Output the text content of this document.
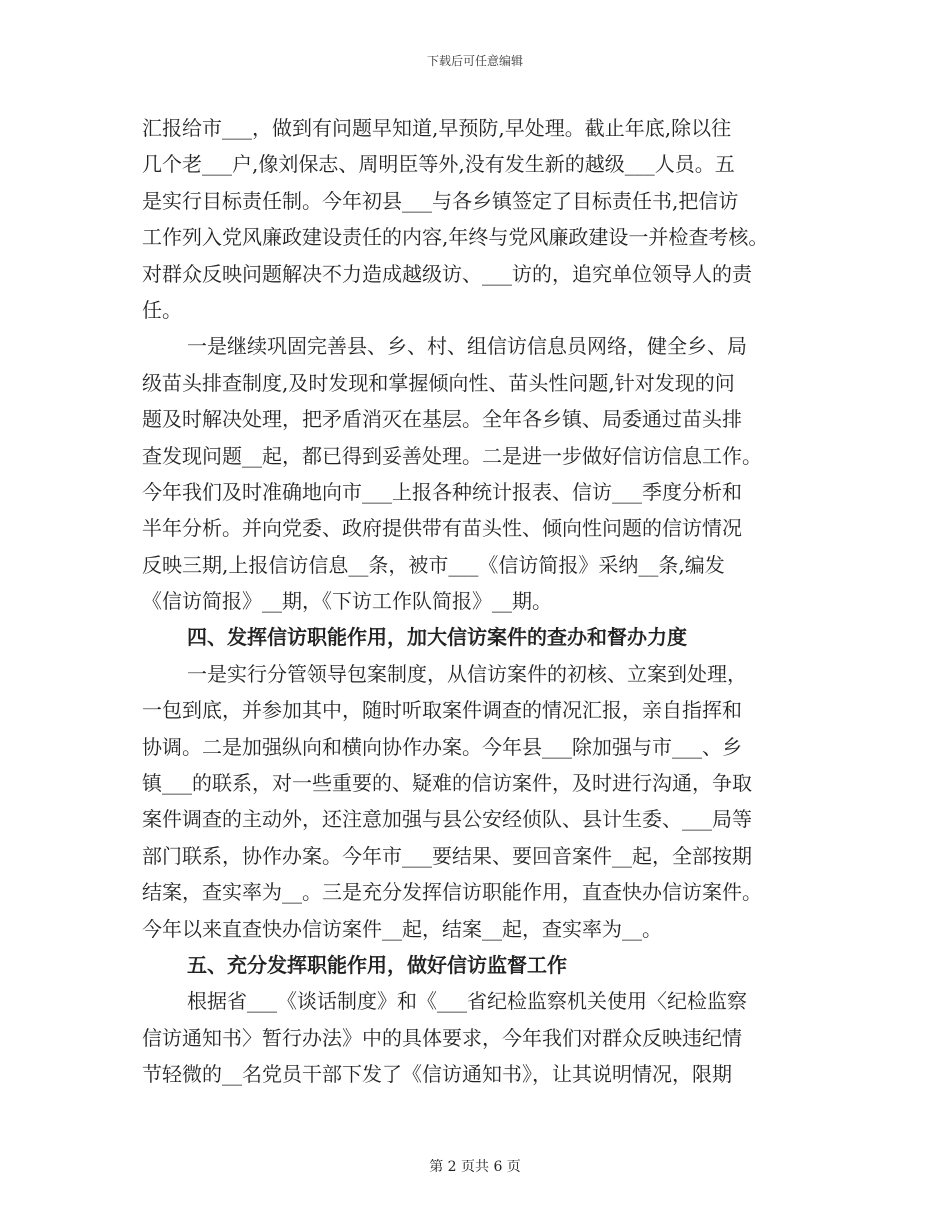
下载后可任意编辑
汇报给市___，做到有问题早知道,早预防,早处理。截止年底,除以往
几个老___户,像刘保志、周明臣等外,没有发生新的越级___人员。五
是实行目标责任制。今年初县___与各乡镇签定了目标责任书,把信访
工作列入党风廉政建设责任的内容,年终与党风廉政建设一并检查考核。
对群众反映问题解决不力造成越级访、___访的，追究单位领导人的责
任。
一是继续巩固完善县、乡、村、组信访信息员网络，健全乡、局
级苗头排查制度,及时发现和掌握倾向性、苗头性问题,针对发现的问
题及时解决处理，把矛盾消灭在基层。全年各乡镇、局委通过苗头排
查发现问题__起，都已得到妥善处理。二是进一步做好信访信息工作。
今年我们及时准确地向市___上报各种统计报表、信访___季度分析和
半年分析。并向党委、政府提供带有苗头性、倾向性问题的信访情况
反映三期,上报信访信息__条，被市___《信访简报》采纳__条,编发
《信访简报》__期，《下访工作队简报》__期。
四、发挥信访职能作用，加大信访案件的查办和督办力度
一是实行分管领导包案制度，从信访案件的初核、立案到处理，
一包到底，并参加其中，随时听取案件调查的情况汇报，亲自指挥和
协调。二是加强纵向和横向协作办案。今年县___除加强与市___、乡
镇___的联系，对一些重要的、疑难的信访案件，及时进行沟通，争取
案件调查的主动外，还注意加强与县公安经侦队、县计生委、___局等
部门联系，协作办案。今年市___要结果、要回音案件__起，全部按期
结案，查实率为__。三是充分发挥信访职能作用，直查快办信访案件。
今年以来直查快办信访案件__起，结案__起，查实率为__。
五、充分发挥职能作用，做好信访监督工作
根据省___《谈话制度》和《___省纪检监察机关使用〈纪检监察
信访通知书〉暂行办法》中的具体要求，今年我们对群众反映违纪情
节轻微的__名党员干部下发了《信访通知书》，让其说明情况，限期
第 2 页共 6 页
